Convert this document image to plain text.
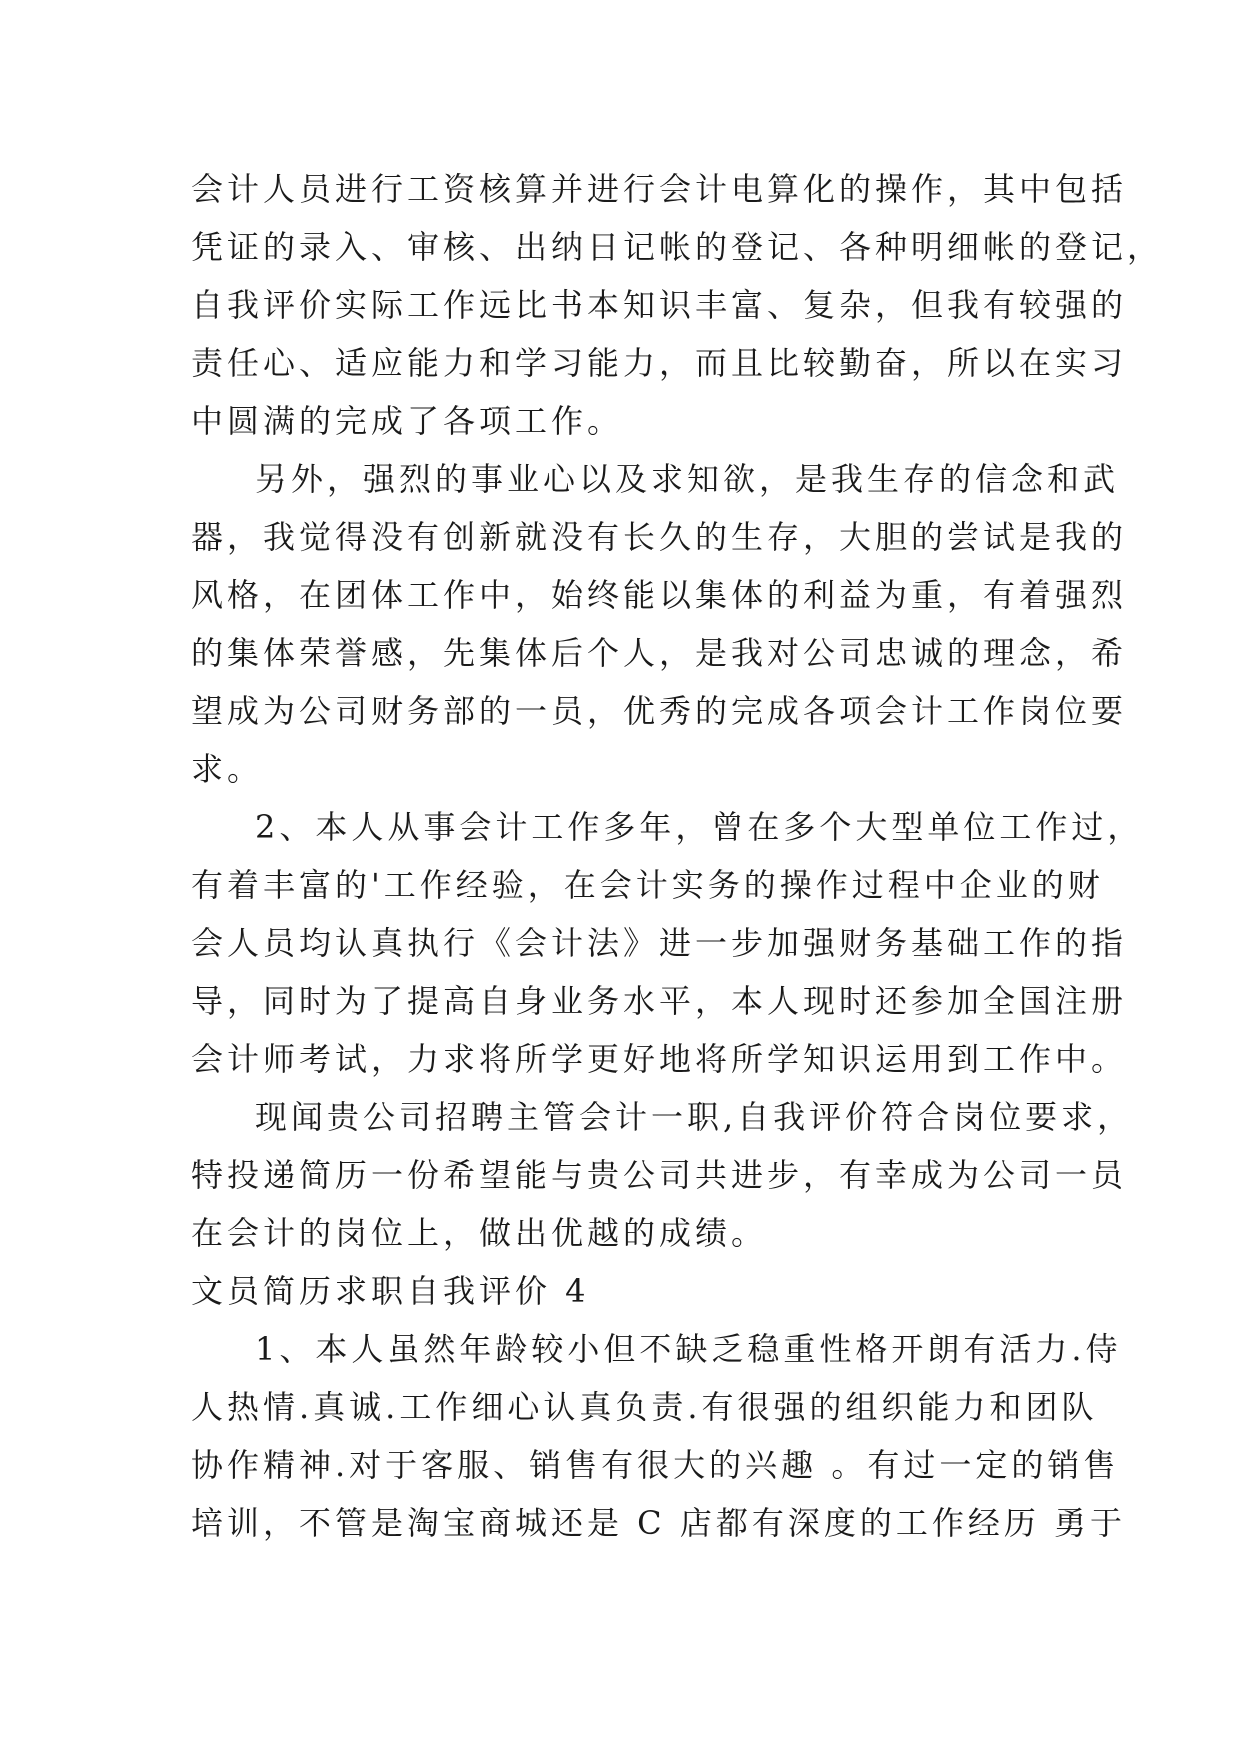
会计人员进行工资核算并进行会计电算化的操作，其中包括
凭证的录入、审核、出纳日记帐的登记、各种明细帐的登记，
自我评价实际工作远比书本知识丰富、复杂，但我有较强的
责任心、适应能力和学习能力，而且比较勤奋，所以在实习
中圆满的完成了各项工作。
另外，强烈的事业心以及求知欲，是我生存的信念和武
器，我觉得没有创新就没有长久的生存，大胆的尝试是我的
风格，在团体工作中，始终能以集体的利益为重，有着强烈
的集体荣誉感，先集体后个人，是我对公司忠诚的理念，希
望成为公司财务部的一员，优秀的完成各项会计工作岗位要
求。
2、本人从事会计工作多年，曾在多个大型单位工作过，
有着丰富的'工作经验，在会计实务的操作过程中企业的财
会人员均认真执行《会计法》进一步加强财务基础工作的指
导，同时为了提高自身业务水平，本人现时还参加全国注册
会计师考试，力求将所学更好地将所学知识运用到工作中。
现闻贵公司招聘主管会计一职,自我评价符合岗位要求，
特投递简历一份希望能与贵公司共进步，有幸成为公司一员
在会计的岗位上，做出优越的成绩。
文员简历求职自我评价 4
1、本人虽然年龄较小但不缺乏稳重性格开朗有活力.侍
人热情.真诚.工作细心认真负责.有很强的组织能力和团队
协作精神.对于客服、销售有很大的兴趣 。有过一定的销售
培训，不管是淘宝商城还是 C 店都有深度的工作经历 勇于
